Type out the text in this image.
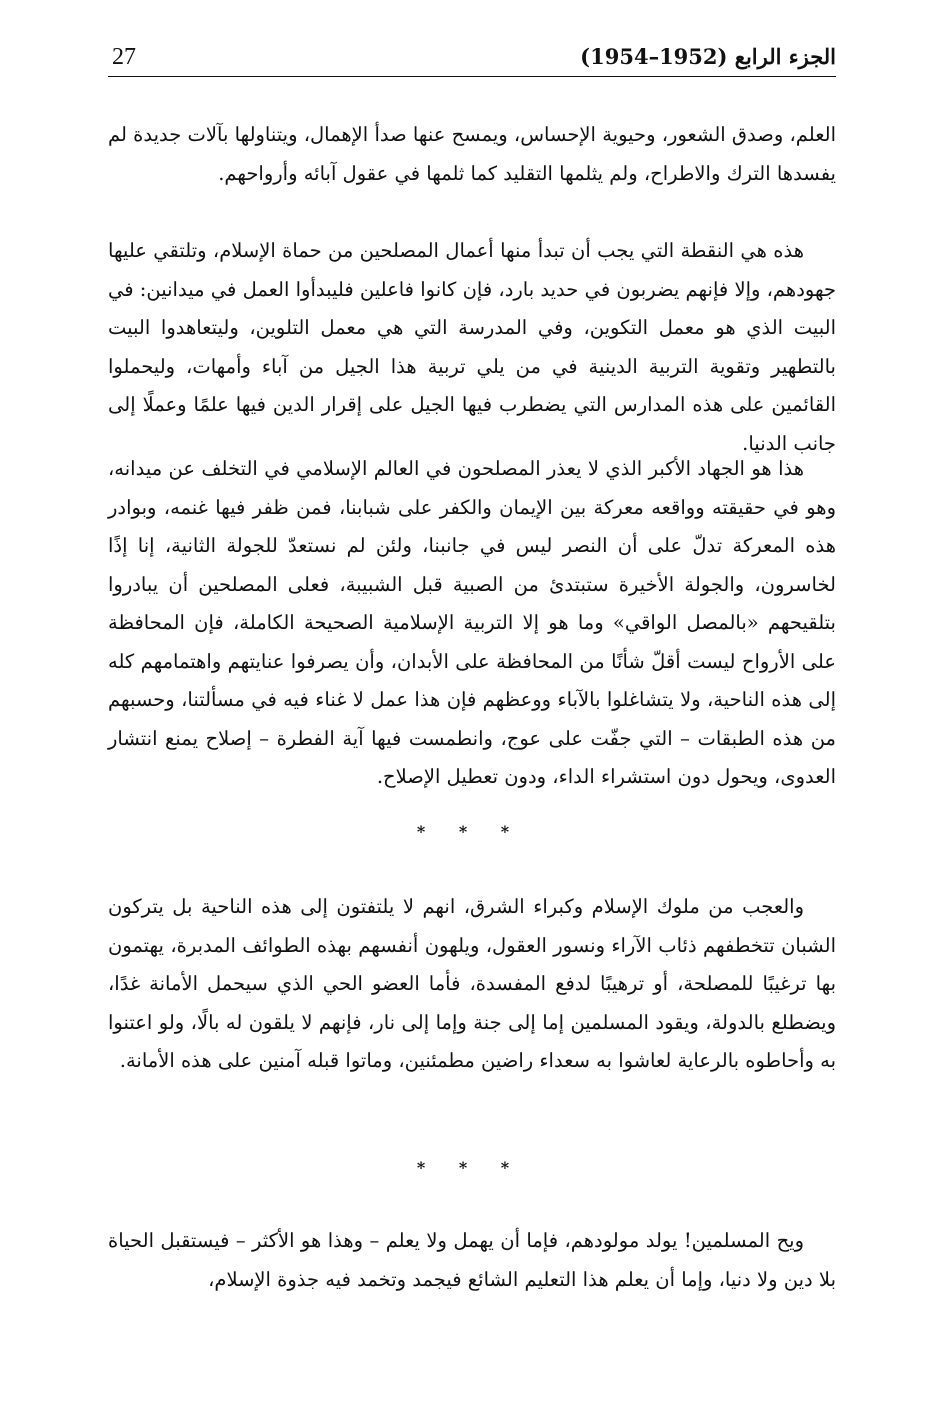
27	الجزء الرابع (1952–1954)

العلم، وصدق الشعور، وحيوية الإحساس، ويمسح عنها صدأ الإهمال، ويتناولها بآلات جديدة لم يفسدها الترك والاطراح، ولم يثلمها التقليد كما ثلمها في عقول آبائه وأرواحهم.

هذه هي النقطة التي يجب أن تبدأ منها أعمال المصلحين من حماة الإسلام، وتلتقي عليها جهودهم، وإلا فإنهم يضربون في حديد بارد، فإن كانوا فاعلين فليبدأوا العمل في ميدانين: في البيت الذي هو معمل التكوين، وفي المدرسة التي هي معمل التلوين، وليتعاهدوا البيت بالتطهير وتقوية التربية الدينية في من يلي تربية هذا الجيل من آباء وأمهات، وليحملوا القائمين على هذه المدارس التي يضطرب فيها الجيل على إقرار الدين فيها علمًا وعملًا إلى جانب الدنيا.

هذا هو الجهاد الأكبر الذي لا يعذر المصلحون في العالم الإسلامي في التخلف عن ميدانه، وهو في حقيقته وواقعه معركة بين الإيمان والكفر على شبابنا، فمن ظفر فيها غنمه، وبوادر هذه المعركة تدلّ على أن النصر ليس في جانبنا، ولئن لم نستعدّ للجولة الثانية، إنا إذًا لخاسرون، والجولة الأخيرة ستبتدئ من الصبية قبل الشبيبة، فعلى المصلحين أن يبادروا بتلقيحهم «بالمصل الواقي» وما هو إلا التربية الإسلامية الصحيحة الكاملة، فإن المحافظة على الأرواح ليست أقلّ شأنًا من المحافظة على الأبدان، وأن يصرفوا عنايتهم واهتمامهم كله إلى هذه الناحية، ولا يتشاغلوا بالآباء ووعظهم فإن هذا عمل لا غناء فيه في مسألتنا، وحسبهم من هذه الطبقات – التي جفّت على عوج، وانطمست فيها آية الفطرة – إصلاح يمنع انتشار العدوى، ويحول دون استشراء الداء، ودون تعطيل الإصلاح.

* * *

والعجب من ملوك الإسلام وكبراء الشرق، انهم لا يلتفتون إلى هذه الناحية بل يتركون الشبان تتخطفهم ذئاب الآراء ونسور العقول، ويلهون أنفسهم بهذه الطوائف المدبرة، يهتمون بها ترغيبًا للمصلحة، أو ترهيبًا لدفع المفسدة، فأما العضو الحي الذي سيحمل الأمانة غدًا، ويضطلع بالدولة، ويقود المسلمين إما إلى جنة وإما إلى نار، فإنهم لا يلقون له بالًا، ولو اعتنوا به وأحاطوه بالرعاية لعاشوا به سعداء راضين مطمئنين، وماتوا قبله آمنين على هذه الأمانة.

* * *

ويح المسلمين! يولد مولودهم، فإما أن يهمل ولا يعلم – وهذا هو الأكثر – فيستقبل الحياة بلا دين ولا دنيا، وإما أن يعلم هذا التعليم الشائع فيجمد وتخمد فيه جذوة الإسلام،
